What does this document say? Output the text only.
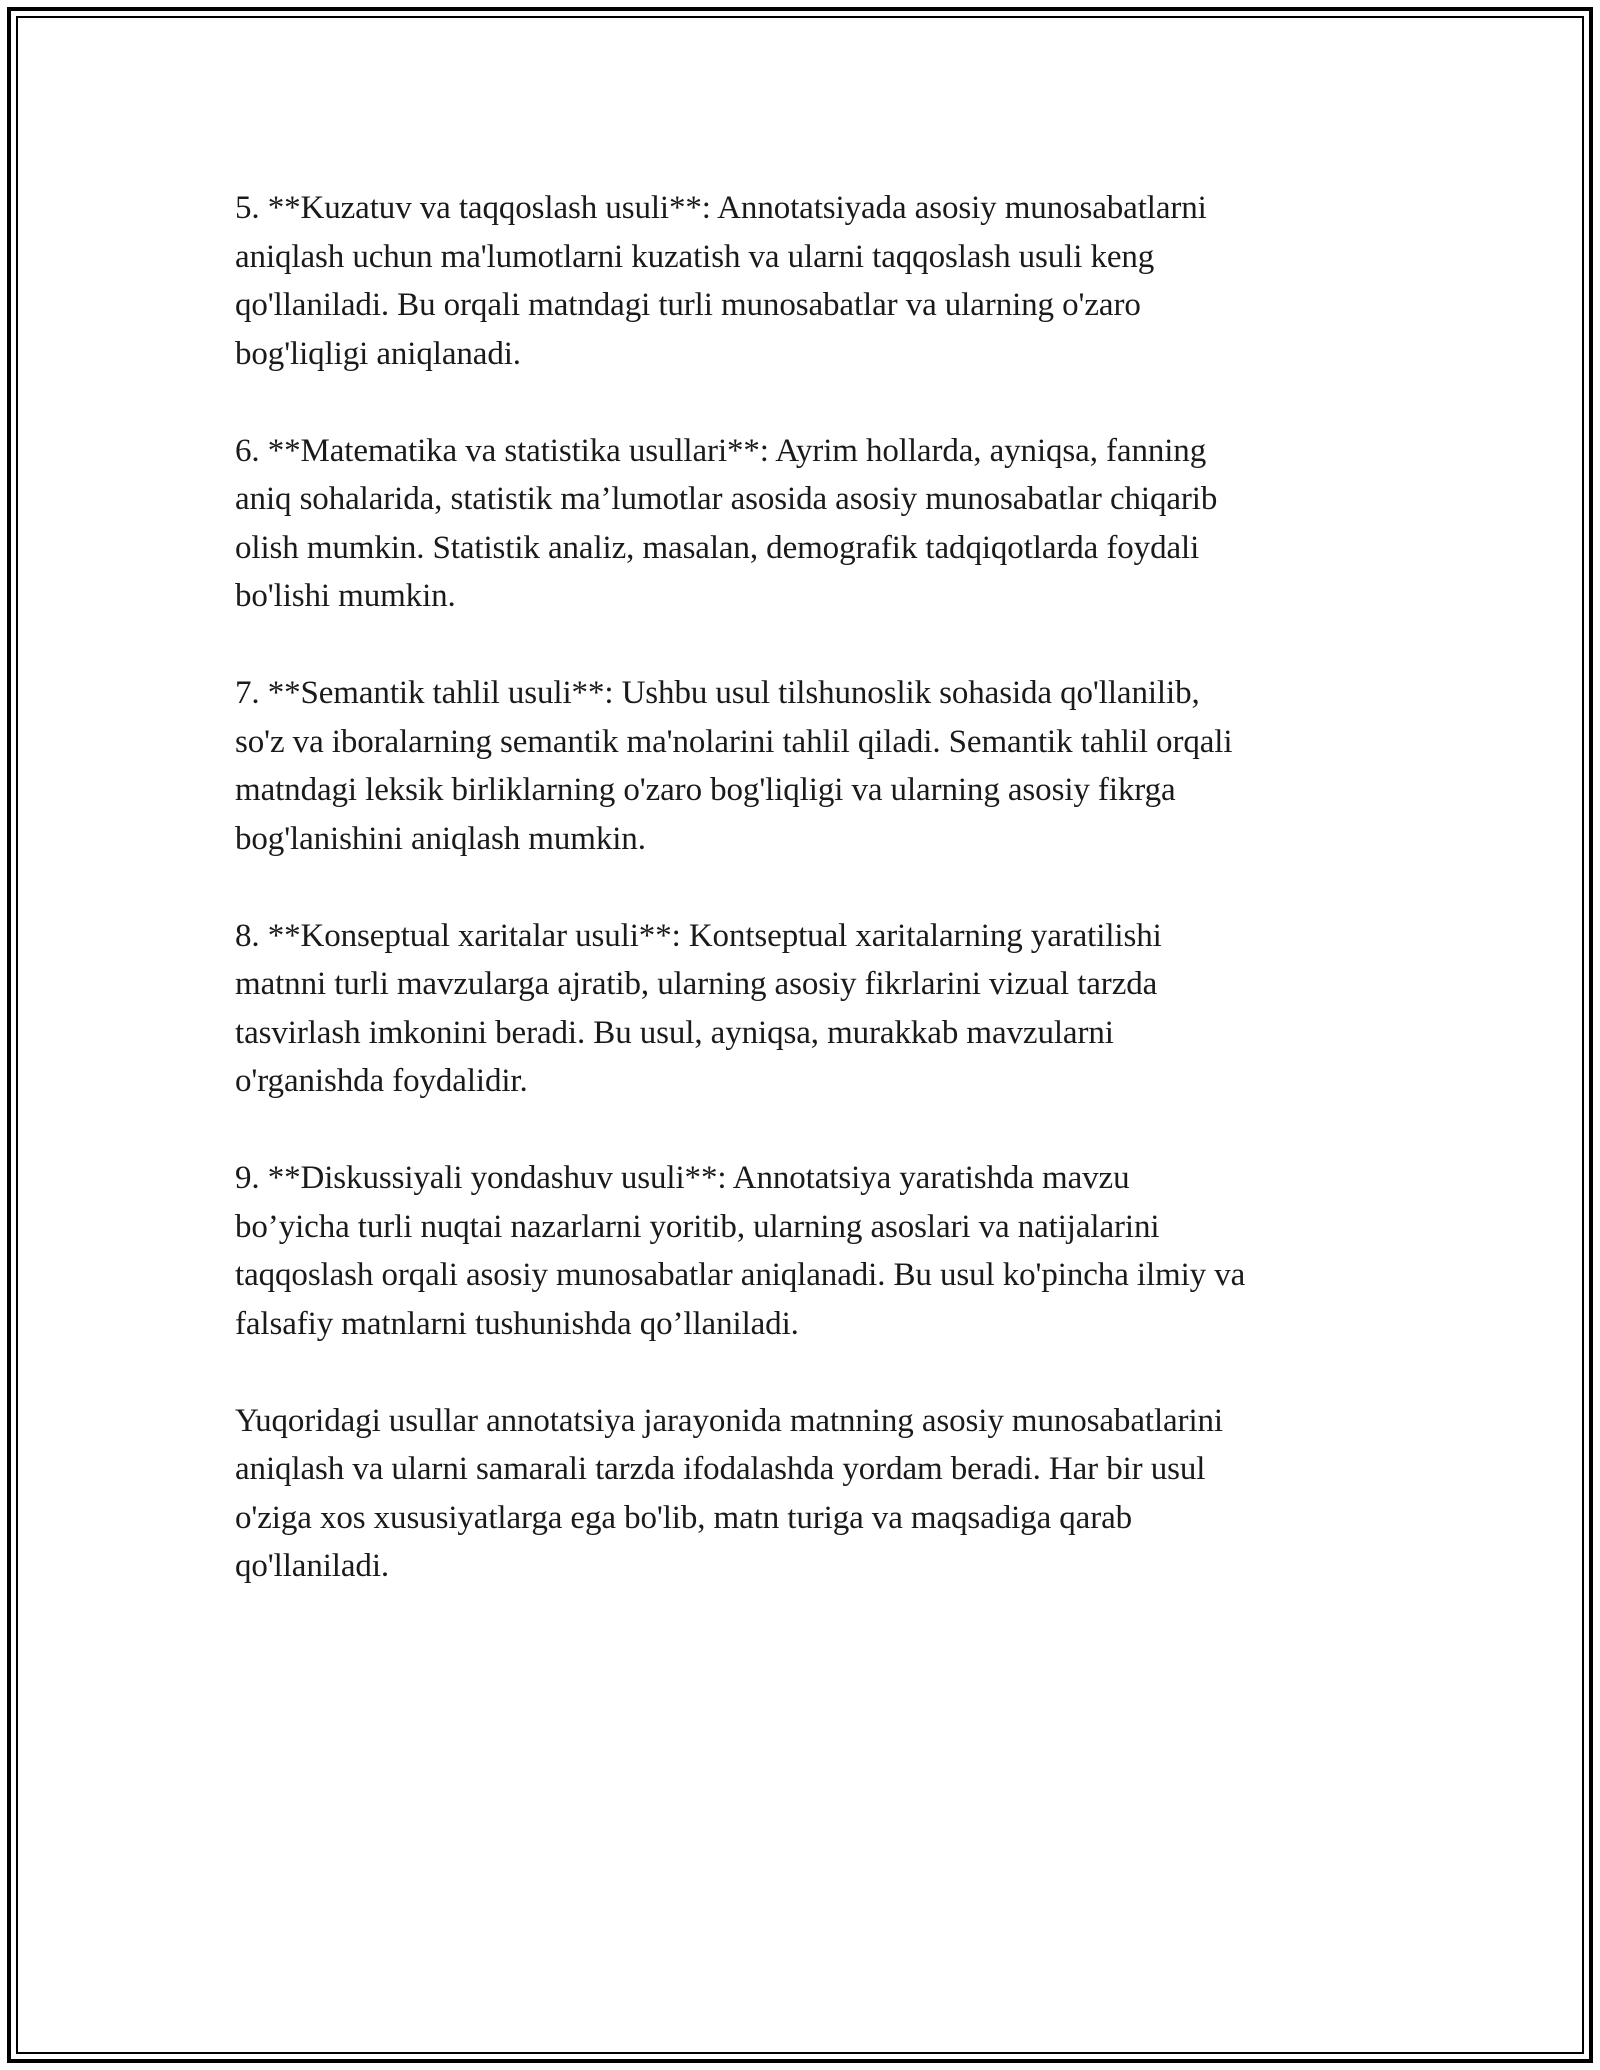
5. **Kuzatuv va taqqoslash usuli**: Annotatsiyada asosiy munosabatlarni
aniqlash uchun ma'lumotlarni kuzatish va ularni taqqoslash usuli keng
qo'llaniladi. Bu orqali matndagi turli munosabatlar va ularning o'zaro
bog'liqligi aniqlanadi.

6. **Matematika va statistika usullari**: Ayrim hollarda, ayniqsa, fanning
aniq sohalarida, statistik ma’lumotlar asosida asosiy munosabatlar chiqarib
olish mumkin. Statistik analiz, masalan, demografik tadqiqotlarda foydali
bo'lishi mumkin.

7. **Semantik tahlil usuli**: Ushbu usul tilshunoslik sohasida qo'llanilib,
so'z va iboralarning semantik ma'nolarini tahlil qiladi. Semantik tahlil orqali
matndagi leksik birliklarning o'zaro bog'liqligi va ularning asosiy fikrga
bog'lanishini aniqlash mumkin.

8. **Konseptual xaritalar usuli**: Kontseptual xaritalarning yaratilishi
matnni turli mavzularga ajratib, ularning asosiy fikrlarini vizual tarzda
tasvirlash imkonini beradi. Bu usul, ayniqsa, murakkab mavzularni
o'rganishda foydalidir.

9. **Diskussiyali yondashuv usuli**: Annotatsiya yaratishda mavzu
bo’yicha turli nuqtai nazarlarni yoritib, ularning asoslari va natijalarini
taqqoslash orqali asosiy munosabatlar aniqlanadi. Bu usul ko'pincha ilmiy va
falsafiy matnlarni tushunishda qo’llaniladi.

Yuqoridagi usullar annotatsiya jarayonida matnning asosiy munosabatlarini
aniqlash va ularni samarali tarzda ifodalashda yordam beradi. Har bir usul
o'ziga xos xususiyatlarga ega bo'lib, matn turiga va maqsadiga qarab
qo'llaniladi.
